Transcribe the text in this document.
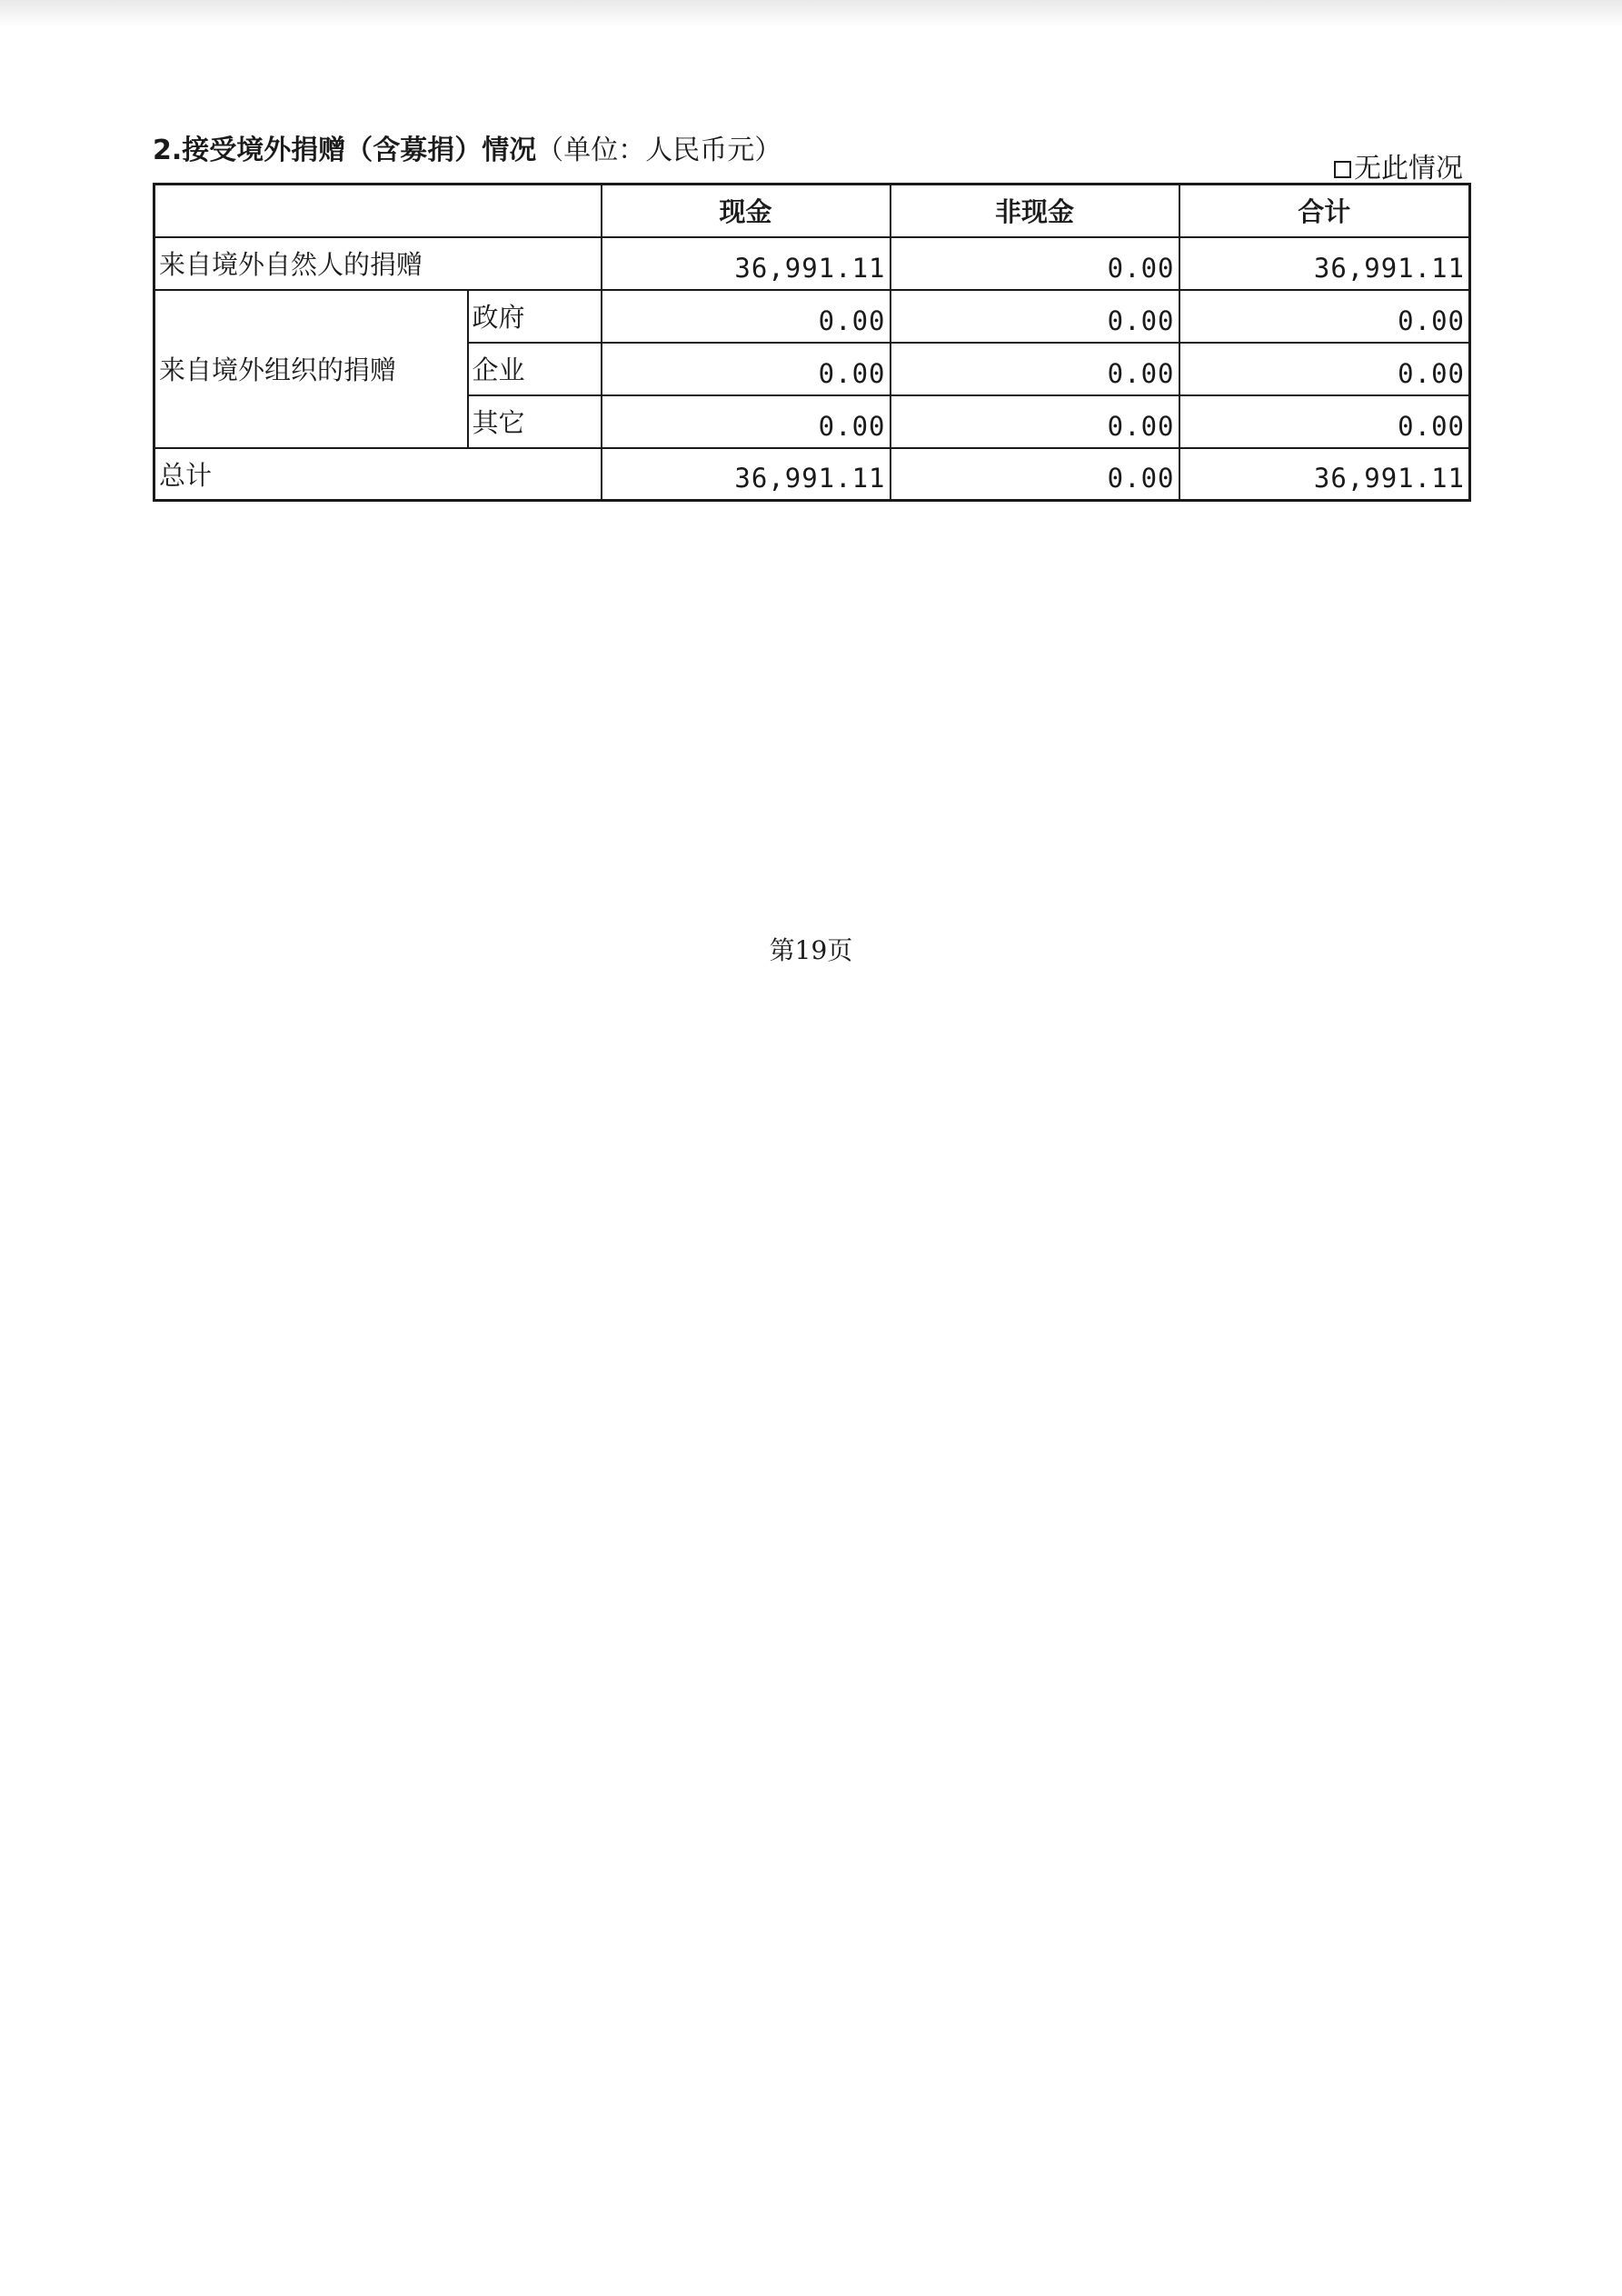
2.接受境外捐赠（含募捐）情况（单位：人民币元）
无此情况
		现金	非现金	合计
来自境外自然人的捐赠		36,991.11	0.00	36,991.11
来自境外组织的捐赠	政府	0.00	0.00	0.00
	企业	0.00	0.00	0.00
	其它	0.00	0.00	0.00
总计		36,991.11	0.00	36,991.11
第19页
